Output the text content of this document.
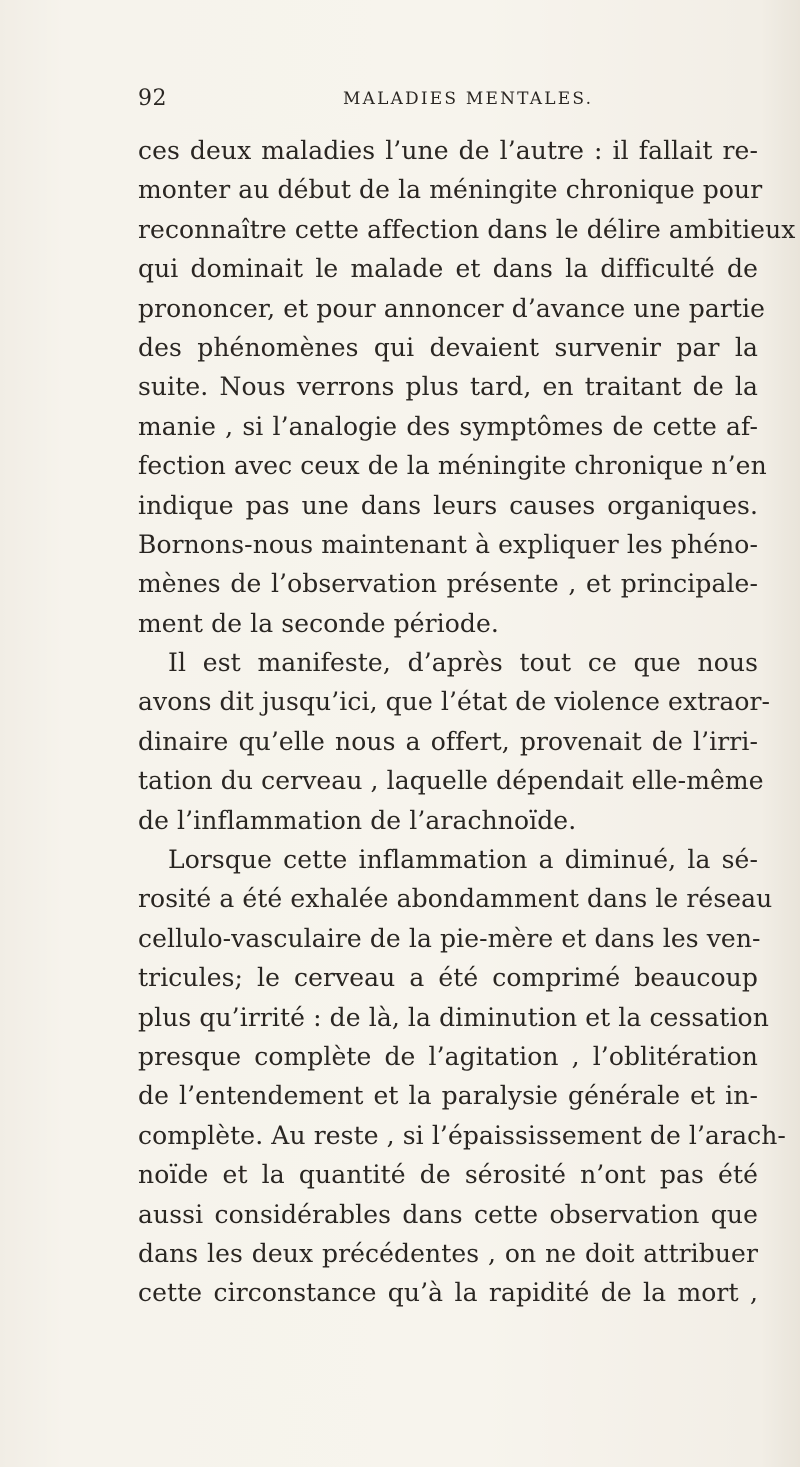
92	MALADIES MENTALES.
ces deux maladies l’une de l’autre : il fallait re-
monter au début de la méningite chronique pour
reconnaître cette affection dans le délire ambitieux
qui dominait le malade et dans la difficulté de
prononcer, et pour annoncer d’avance une partie
des phénomènes qui devaient survenir par la
suite. Nous verrons plus tard, en traitant de la
manie , si l’analogie des symptômes de cette af-
fection avec ceux de la méningite chronique n’en
indique pas une dans leurs causes organiques.
Bornons-nous maintenant à expliquer les phéno-
mènes de l’observation présente , et principale-
ment de la seconde période.
Il est manifeste, d’après tout ce que nous
avons dit jusqu’ici, que l’état de violence extraor-
dinaire qu’elle nous a offert, provenait de l’irri-
tation du cerveau , laquelle dépendait elle-même
de l’inflammation de l’arachnoïde.
Lorsque cette inflammation a diminué, la sé-
rosité a été exhalée abondamment dans le réseau
cellulo-vasculaire de la pie-mère et dans les ven-
tricules; le cerveau a été comprimé beaucoup
plus qu’irrité : de là, la diminution et la cessation
presque complète de l’agitation , l’oblitération
de l’entendement et la paralysie générale et in-
complète. Au reste , si l’épaississement de l’arach-
noïde et la quantité de sérosité n’ont pas été
aussi considérables dans cette observation que
dans les deux précédentes , on ne doit attribuer
cette circonstance qu’à la rapidité de la mort ,
